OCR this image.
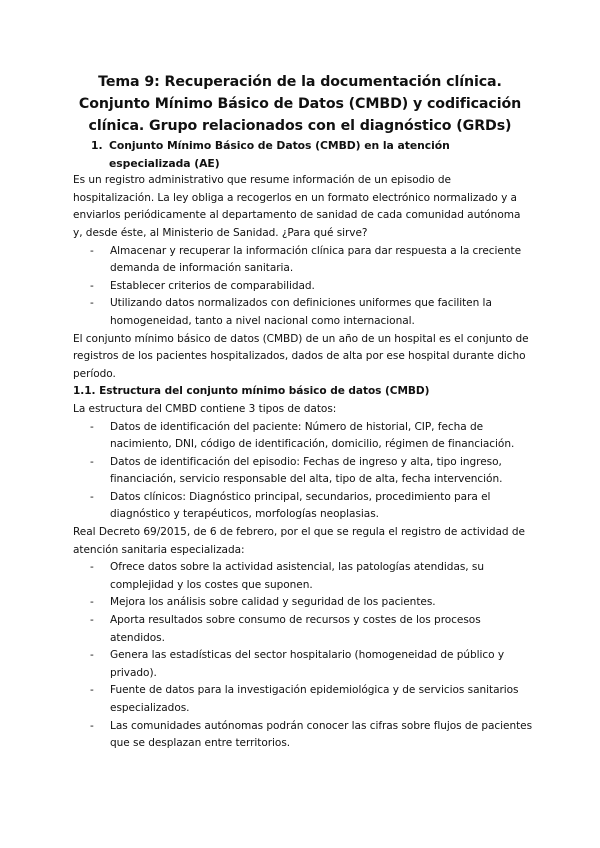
Tema 9: Recuperación de la documentación clínica. Conjunto Mínimo Básico de Datos (CMBD) y codificación clínica. Grupo relacionados con el diagnóstico (GRDs)
1. Conjunto Mínimo Básico de Datos (CMBD) en la atención especializada (AE)

Es un registro administrativo que resume información de un episodio de hospitalización. La ley obliga a recogerlos en un formato electrónico normalizado y a enviarlos periódicamente al departamento de sanidad de cada comunidad autónoma y, desde éste, al Ministerio de Sanidad. ¿Para qué sirve?

- Almacenar y recuperar la información clínica para dar respuesta a la creciente demanda de información sanitaria.
- Establecer criterios de comparabilidad.
- Utilizando datos normalizados con definiciones uniformes que faciliten la homogeneidad, tanto a nivel nacional como internacional.

El conjunto mínimo básico de datos (CMBD) de un año de un hospital es el conjunto de registros de los pacientes hospitalizados, dados de alta por ese hospital durante dicho período.

1.1. Estructura del conjunto mínimo básico de datos (CMBD)

La estructura del CMBD contiene 3 tipos de datos:

- Datos de identificación del paciente: Número de historial, CIP, fecha de nacimiento, DNI, código de identificación, domicilio, régimen de financiación.
- Datos de identificación del episodio: Fechas de ingreso y alta, tipo ingreso, financiación, servicio responsable del alta, tipo de alta, fecha intervención.
- Datos clínicos: Diagnóstico principal, secundarios, procedimiento para el diagnóstico y terapéuticos, morfologías neoplasias.

Real Decreto 69/2015, de 6 de febrero, por el que se regula el registro de actividad de atención sanitaria especializada:

- Ofrece datos sobre la actividad asistencial, las patologías atendidas, su complejidad y los costes que suponen.
- Mejora los análisis sobre calidad y seguridad de los pacientes.
- Aporta resultados sobre consumo de recursos y costes de los procesos atendidos.
- Genera las estadísticas del sector hospitalario (homogeneidad de público y privado).
- Fuente de datos para la investigación epidemiológica y de servicios sanitarios especializados.
- Las comunidades autónomas podrán conocer las cifras sobre flujos de pacientes que se desplazan entre territorios.
